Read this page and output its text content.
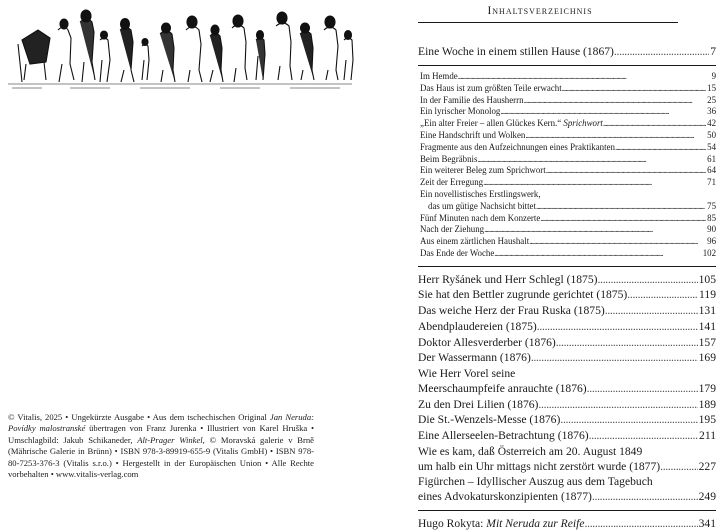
© Vitalis, 2025 • Ungekürzte Ausgabe • Aus dem tschechischen Original Jan Neruda: Povídky malostranské übertragen von Franz Jurenka • Illustriert von Karel Hruška • Umschlagbild: Jakub Schikaneder, Alt-Prager Winkel, © Moravská galerie v Brně (Mährische Galerie in Brünn) • ISBN 978-3-89919-655-9 (Vitalis GmbH) • ISBN 978-80-7253-376-3 (Vitalis s.r.o.) • Hergestellt in der Europäischen Union • Alle Rechte vorbehalten • www.vitalis-verlag.com
Inhaltsverzeichnis
Eine Woche in einem stillen Hause (1867) . . .	7
Im Hemde . . .	9
Das Haus ist zum größten Teile erwacht . . .	15
In der Familie des Hausherrn . . .	25
Ein lyrischer Monolog . . .	36
„Ein alter Freier – allen Glückes Kern.“ Sprichwort . . .	42
Eine Handschrift und Wolken . . .	50
Fragmente aus den Aufzeichnungen eines Praktikanten . . .	54
Beim Begräbnis . . .	61
Ein weiterer Beleg zum Sprichwort . . .	64
Zeit der Erregung . . .	71
Ein novellistisches Erstlingswerk,
das um gütige Nachsicht bittet . . .	75
Fünf Minuten nach dem Konzerte . . .	85
Nach der Ziehung . . .	90
Aus einem zärtlichen Haushalt . . .	96
Das Ende der Woche . . .	102
Herr Ryšánek und Herr Schlegl (1875) . . .	105
Sie hat den Bettler zugrunde gerichtet (1875) . . .	119
Das weiche Herz der Frau Ruska (1875) . . .	131
Abendplaudereien (1875) . . .	141
Doktor Allesverderber (1876) . . .	157
Der Wassermann (1876) . . .	169
Wie Herr Vorel seine
Meerschaumpfeife anrauchte (1876) . . .	179
Zu den Drei Lilien (1876) . . .	189
Die St.-Wenzels-Messe (1876) . . .	195
Eine Allerseelen-Betrachtung (1876) . . .	211
Wie es kam, daß Österreich am 20. August 1849
um halb ein Uhr mittags nicht zerstört wurde (1877) . . .	227
Figürchen – Idyllischer Auszug aus dem Tagebuch
eines Advokaturskonzipienten (1877) . . .	249
Hugo Rokyta: Mit Neruda zur Reife . . .	341
